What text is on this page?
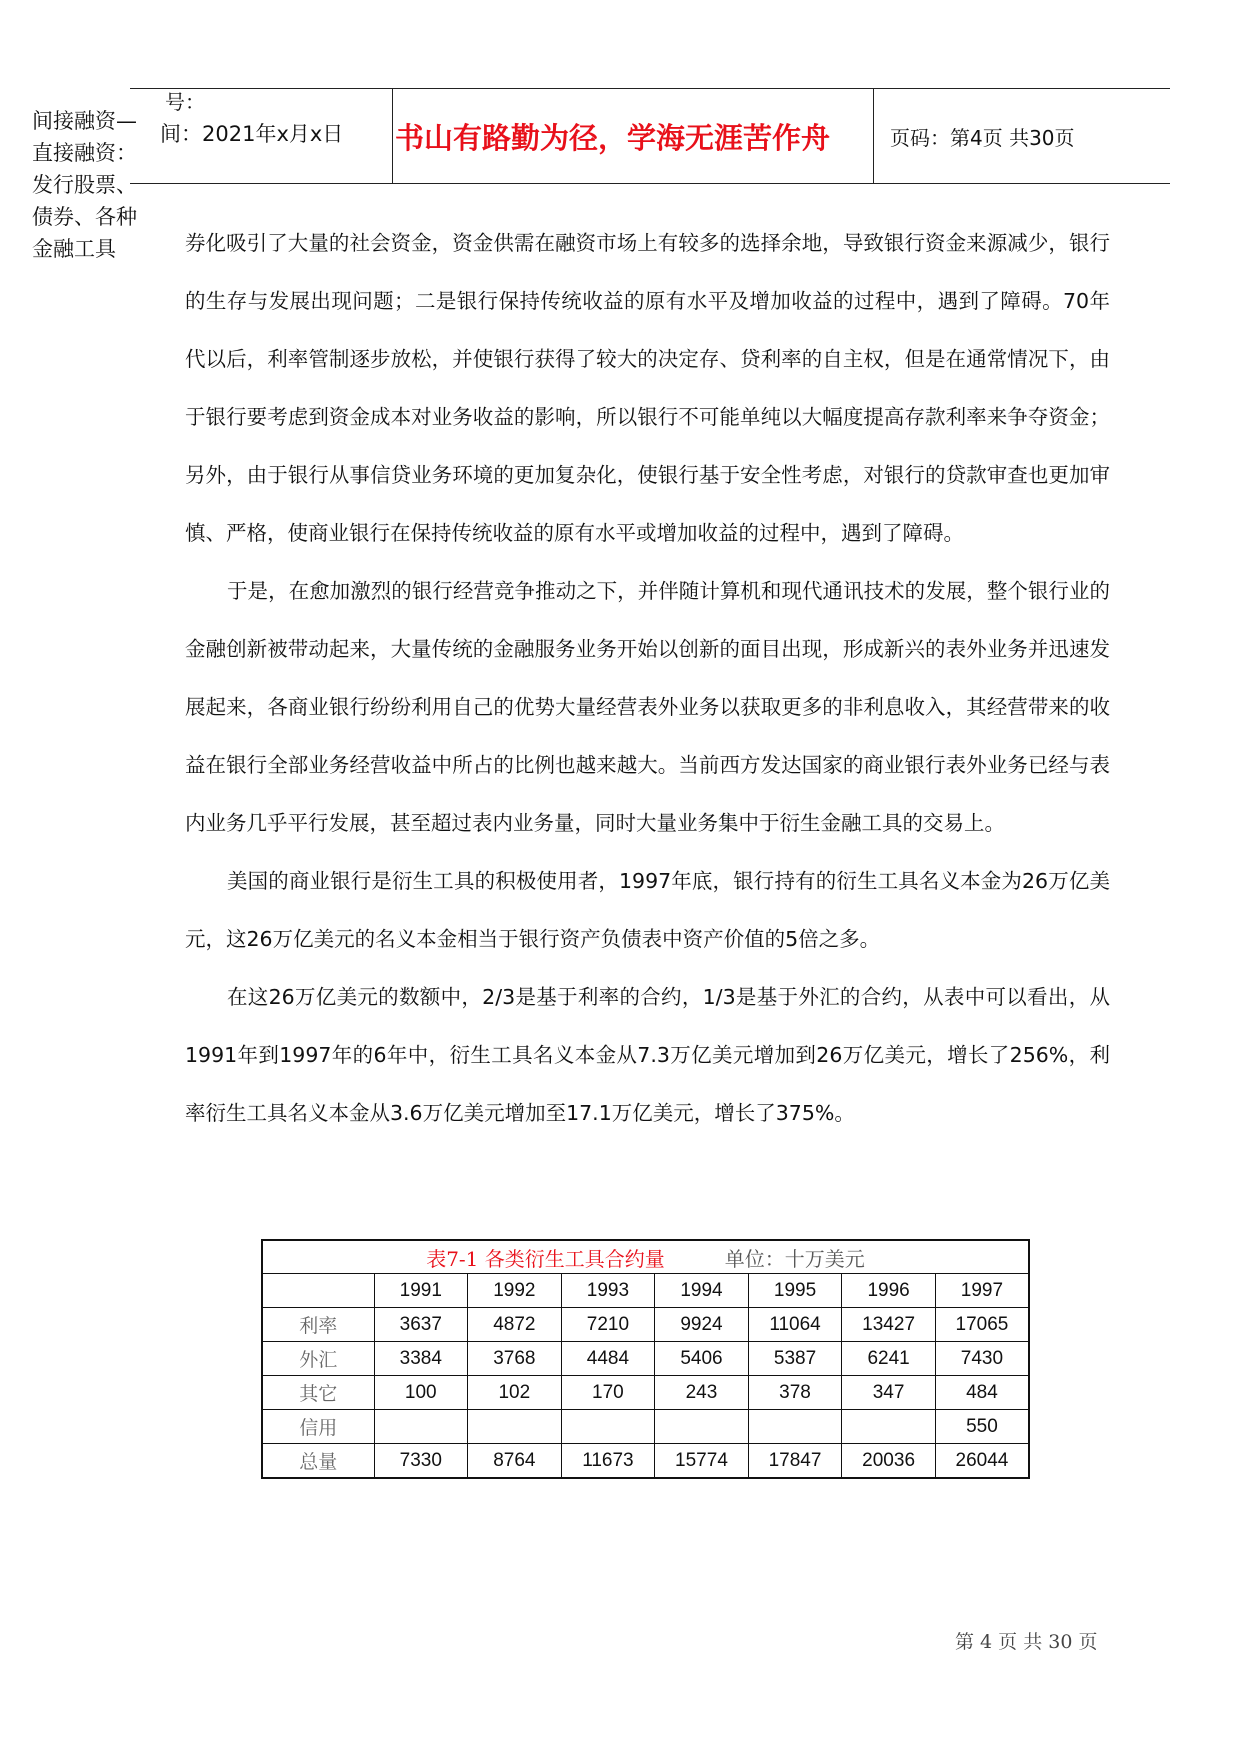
间接融资—
直接融资：
发行股票、
债券、各种
金融工具
号：
间：2021年x月x日 书山有路勤为径，学海无涯苦作舟	页码：第4页 共30页

券化吸引了大量的社会资金，资金供需在融资市场上有较多的选择余地，导致银行资金来源减少，银行的生存与发展出现问题；二是银行保持传统收益的原有水平及增加收益的过程中，遇到了障碍。70年代以后，利率管制逐步放松，并使银行获得了较大的决定存、贷利率的自主权，但是在通常情况下，由于银行要考虑到资金成本对业务收益的影响，所以银行不可能单纯以大幅度提高存款利率来争夺资金；另外，由于银行从事信贷业务环境的更加复杂化，使银行基于安全性考虑，对银行的贷款审查也更加审慎、严格，使商业银行在保持传统收益的原有水平或增加收益的过程中，遇到了障碍。

于是，在愈加激烈的银行经营竞争推动之下，并伴随计算机和现代通讯技术的发展，整个银行业的金融创新被带动起来，大量传统的金融服务业务开始以创新的面目出现，形成新兴的表外业务并迅速发展起来，各商业银行纷纷利用自己的优势大量经营表外业务以获取更多的非利息收入，其经营带来的收益在银行全部业务经营收益中所占的比例也越来越大。当前西方发达国家的商业银行表外业务已经与表内业务几乎平行发展，甚至超过表内业务量，同时大量业务集中于衍生金融工具的交易上。

美国的商业银行是衍生工具的积极使用者，1997年底，银行持有的衍生工具名义本金为26万亿美元，这26万亿美元的名义本金相当于银行资产负债表中资产价值的5倍之多。

在这26万亿美元的数额中，2/3是基于利率的合约，1/3是基于外汇的合约，从表中可以看出，从1991年到1997年的6年中，衍生工具名义本金从7.3万亿美元增加到26万亿美元，增长了256%，利率衍生工具名义本金从3.6万亿美元增加至17.1万亿美元，增长了375%。

表7-1 各类衍生工具合约量 单位：十万美元							
	1991	1992	1993	1994	1995	1996	1997
利率	3637	4872	7210	9924	11064	13427	17065
外汇	3384	3768	4484	5406	5387	6241	7430
其它	100	102	170	243	378	347	484
信用							550
总量	7330	8764	11673	15774	17847	20036	26044
第 4 页 共 30 页
